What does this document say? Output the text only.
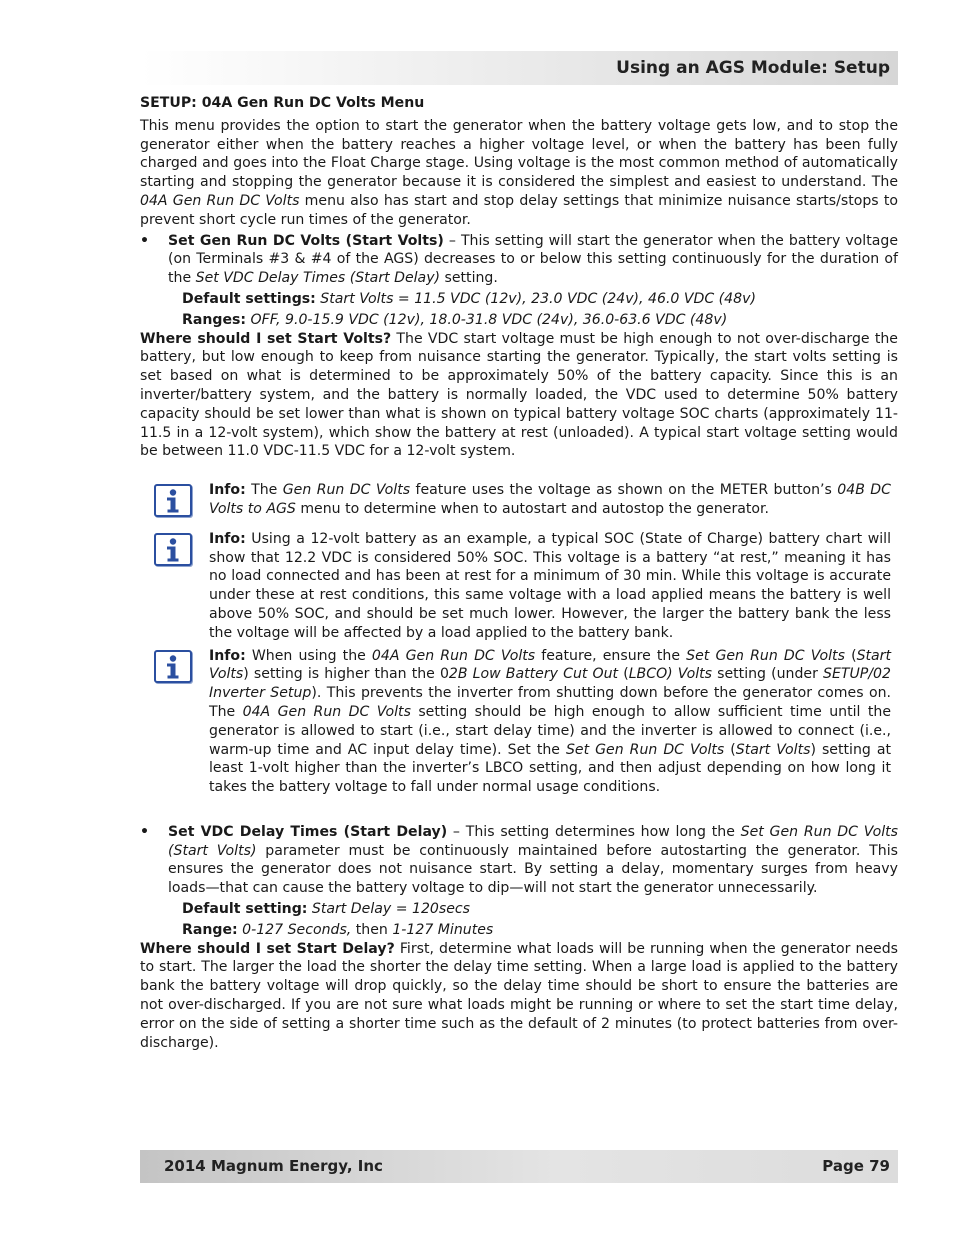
Using an AGS Module: Setup
SETUP: 04A Gen Run DC Volts Menu

This menu provides the option to start the generator when the battery voltage gets low, and to stop the generator either when the battery reaches a higher voltage level, or when the battery has been fully charged and goes into the Float Charge stage. Using voltage is the most common method of automatically starting and stopping the generator because it is considered the simplest and easiest to understand. The 04A Gen Run DC Volts menu also has start and stop delay settings that minimize nuisance starts/stops to prevent short cycle run times of the generator.

• Set Gen Run DC Volts (Start Volts) – This setting will start the generator when the battery voltage (on Terminals #3 & #4 of the AGS) decreases to or below this setting continuously for the duration of the Set VDC Delay Times (Start Delay) setting.
Default settings: Start Volts = 11.5 VDC (12v), 23.0 VDC (24v), 46.0 VDC (48v)
Ranges: OFF, 9.0-15.9 VDC (12v), 18.0-31.8 VDC (24v), 36.0-63.6 VDC (48v)

Where should I set Start Volts? The VDC start voltage must be high enough to not over-discharge the battery, but low enough to keep from nuisance starting the generator. Typically, the start volts setting is set based on what is determined to be approximately 50% of the battery capacity. Since this is an inverter/battery system, and the battery is normally loaded, the VDC used to determine 50% battery capacity should be set lower than what is shown on typical battery voltage SOC charts (approximately 11-11.5 in a 12-volt system), which show the battery at rest (unloaded). A typical start voltage setting would be between 11.0 VDC-11.5 VDC for a 12-volt system.

Info: The Gen Run DC Volts feature uses the voltage as shown on the METER button’s 04B DC Volts to AGS menu to determine when to autostart and autostop the generator.
Info: Using a 12-volt battery as an example, a typical SOC (State of Charge) battery chart will show that 12.2 VDC is considered 50% SOC. This voltage is a battery “at rest,” meaning it has no load connected and has been at rest for a minimum of 30 min. While this voltage is accurate under these at rest conditions, this same voltage with a load applied means the battery is well above 50% SOC, and should be set much lower. However, the larger the battery bank the less the voltage will be affected by a load applied to the battery bank.
Info: When using the 04A Gen Run DC Volts feature, ensure the Set Gen Run DC Volts (Start Volts) setting is higher than the 02B Low Battery Cut Out (LBCO) Volts setting (under SETUP/02 Inverter Setup). This prevents the inverter from shutting down before the generator comes on. The 04A Gen Run DC Volts setting should be high enough to allow sufficient time until the generator is allowed to start (i.e., start delay time) and the inverter is allowed to connect (i.e., warm-up time and AC input delay time). Set the Set Gen Run DC Volts (Start Volts) setting at least 1-volt higher than the inverter’s LBCO setting, and then adjust depending on how long it takes the battery voltage to fall under normal usage conditions.
• Set VDC Delay Times (Start Delay) – This setting determines how long the Set Gen Run DC Volts (Start Volts) parameter must be continuously maintained before autostarting the generator. This ensures the generator does not nuisance start. By setting a delay, momentary surges from heavy loads—that can cause the battery voltage to dip—will not start the generator unnecessarily.
Default setting: Start Delay = 120secs
Range: 0-127 Seconds, then 1-127 Minutes

Where should I set Start Delay? First, determine what loads will be running when the generator needs to start. The larger the load the shorter the delay time setting. When a large load is applied to the battery bank the battery voltage will drop quickly, so the delay time should be short to ensure the batteries are not over-discharged. If you are not sure what loads might be running or where to set the start time delay, error on the side of setting a shorter time such as the default of 2 minutes (to protect batteries from over-discharge).

2014 Magnum Energy, Inc	Page 79
